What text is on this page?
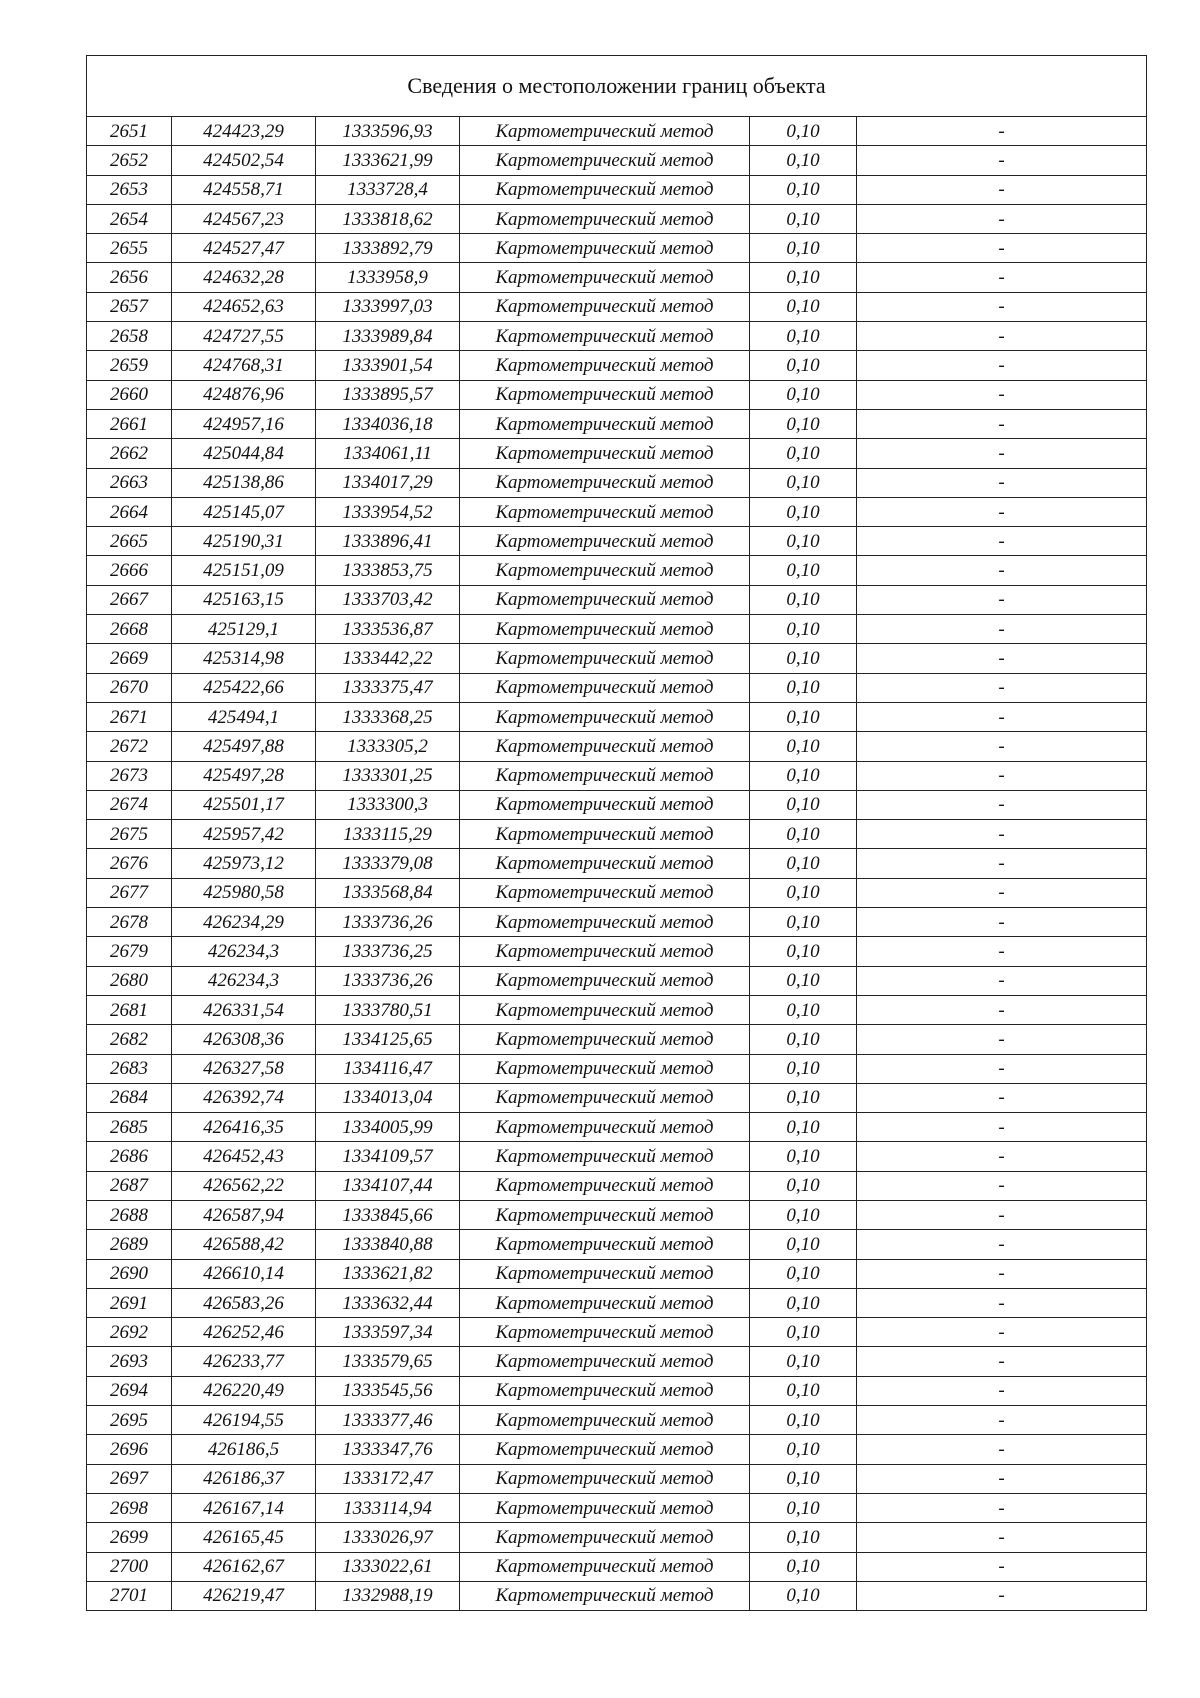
Сведения о местоположении границ объекта					
2651	424423,29	1333596,93	Картометрический метод	0,10	-
2652	424502,54	1333621,99	Картометрический метод	0,10	-
2653	424558,71	1333728,4	Картометрический метод	0,10	-
2654	424567,23	1333818,62	Картометрический метод	0,10	-
2655	424527,47	1333892,79	Картометрический метод	0,10	-
2656	424632,28	1333958,9	Картометрический метод	0,10	-
2657	424652,63	1333997,03	Картометрический метод	0,10	-
2658	424727,55	1333989,84	Картометрический метод	0,10	-
2659	424768,31	1333901,54	Картометрический метод	0,10	-
2660	424876,96	1333895,57	Картометрический метод	0,10	-
2661	424957,16	1334036,18	Картометрический метод	0,10	-
2662	425044,84	1334061,11	Картометрический метод	0,10	-
2663	425138,86	1334017,29	Картометрический метод	0,10	-
2664	425145,07	1333954,52	Картометрический метод	0,10	-
2665	425190,31	1333896,41	Картометрический метод	0,10	-
2666	425151,09	1333853,75	Картометрический метод	0,10	-
2667	425163,15	1333703,42	Картометрический метод	0,10	-
2668	425129,1	1333536,87	Картометрический метод	0,10	-
2669	425314,98	1333442,22	Картометрический метод	0,10	-
2670	425422,66	1333375,47	Картометрический метод	0,10	-
2671	425494,1	1333368,25	Картометрический метод	0,10	-
2672	425497,88	1333305,2	Картометрический метод	0,10	-
2673	425497,28	1333301,25	Картометрический метод	0,10	-
2674	425501,17	1333300,3	Картометрический метод	0,10	-
2675	425957,42	1333115,29	Картометрический метод	0,10	-
2676	425973,12	1333379,08	Картометрический метод	0,10	-
2677	425980,58	1333568,84	Картометрический метод	0,10	-
2678	426234,29	1333736,26	Картометрический метод	0,10	-
2679	426234,3	1333736,25	Картометрический метод	0,10	-
2680	426234,3	1333736,26	Картометрический метод	0,10	-
2681	426331,54	1333780,51	Картометрический метод	0,10	-
2682	426308,36	1334125,65	Картометрический метод	0,10	-
2683	426327,58	1334116,47	Картометрический метод	0,10	-
2684	426392,74	1334013,04	Картометрический метод	0,10	-
2685	426416,35	1334005,99	Картометрический метод	0,10	-
2686	426452,43	1334109,57	Картометрический метод	0,10	-
2687	426562,22	1334107,44	Картометрический метод	0,10	-
2688	426587,94	1333845,66	Картометрический метод	0,10	-
2689	426588,42	1333840,88	Картометрический метод	0,10	-
2690	426610,14	1333621,82	Картометрический метод	0,10	-
2691	426583,26	1333632,44	Картометрический метод	0,10	-
2692	426252,46	1333597,34	Картометрический метод	0,10	-
2693	426233,77	1333579,65	Картометрический метод	0,10	-
2694	426220,49	1333545,56	Картометрический метод	0,10	-
2695	426194,55	1333377,46	Картометрический метод	0,10	-
2696	426186,5	1333347,76	Картометрический метод	0,10	-
2697	426186,37	1333172,47	Картометрический метод	0,10	-
2698	426167,14	1333114,94	Картометрический метод	0,10	-
2699	426165,45	1333026,97	Картометрический метод	0,10	-
2700	426162,67	1333022,61	Картометрический метод	0,10	-
2701	426219,47	1332988,19	Картометрический метод	0,10	-
